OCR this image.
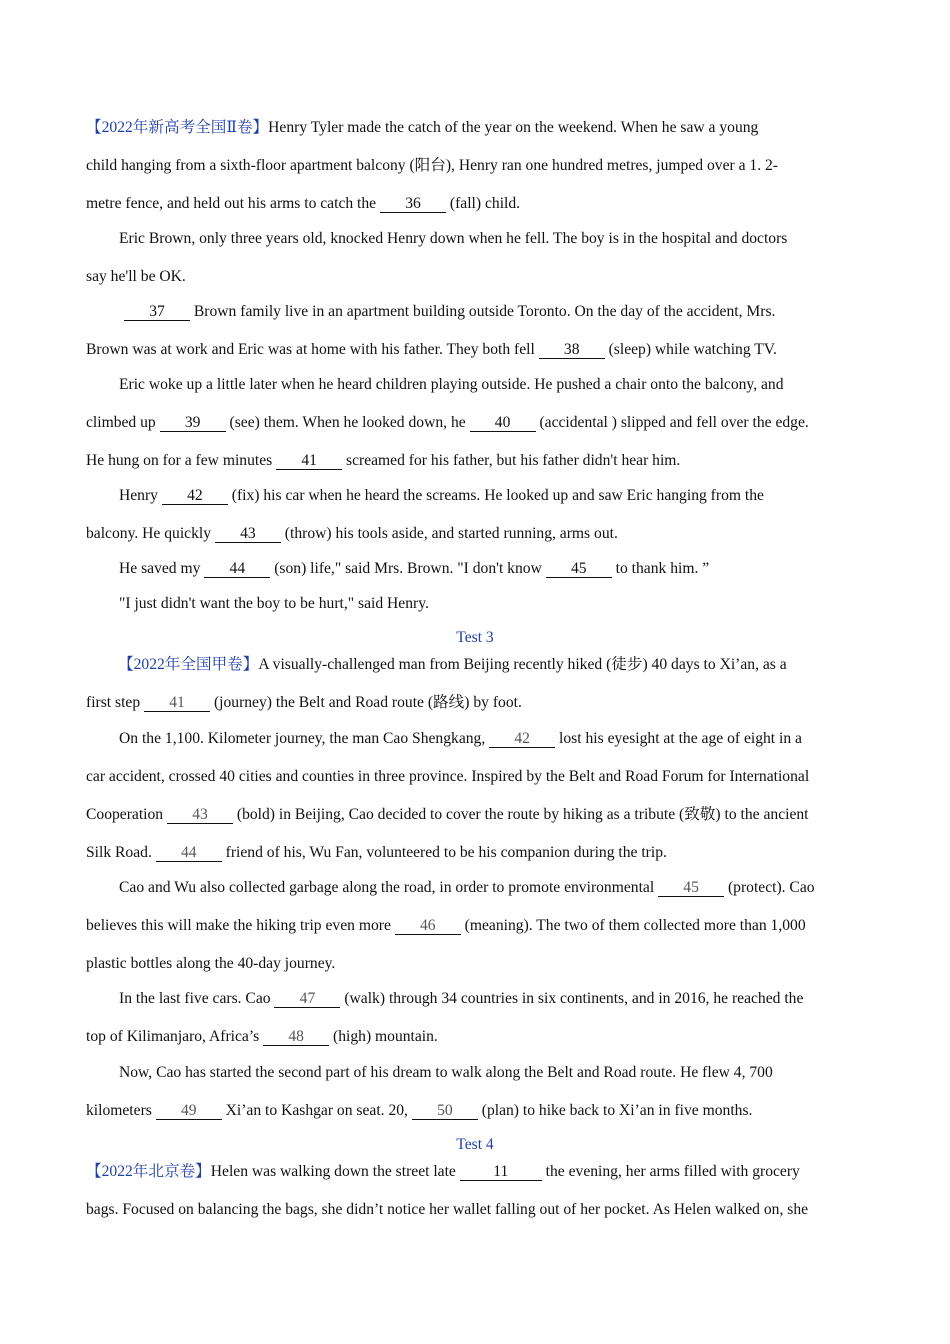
【2022年新高考全国Ⅱ卷】Henry Tyler made the catch of the year on the weekend. When he saw a young
child hanging from a sixth-floor apartment balcony (阳台), Henry ran one hundred metres, jumped over a 1. 2-
metre fence, and held out his arms to catch the 36 (fall) child.
Eric Brown, only three years old, knocked Henry down when he fell. The boy is in the hospital and doctors
say he'll be OK.
37 Brown family live in an apartment building outside Toronto. On the day of the accident, Mrs.
Brown was at work and Eric was at home with his father. They both fell 38 (sleep) while watching TV.
Eric woke up a little later when he heard children playing outside. He pushed a chair onto the balcony, and
climbed up 39 (see) them. When he looked down, he 40 (accidental ) slipped and fell over the edge.
He hung on for a few minutes 41 screamed for his father, but his father didn't hear him.
Henry 42 (fix) his car when he heard the screams. He looked up and saw Eric hanging from the
balcony. He quickly 43 (throw) his tools aside, and started running, arms out.
He saved my 44 (son) life," said Mrs. Brown. "I don't know 45 to thank him. ”
"I just didn't want the boy to be hurt," said Henry.
Test 3
【2022年全国甲卷】A visually-challenged man from Beijing recently hiked (徒步) 40 days to Xi’an, as a
first step 41 (journey) the Belt and Road route (路线) by foot.
On the 1,100. Kilometer journey, the man Cao Shengkang, 42 lost his eyesight at the age of eight in a
car accident, crossed 40 cities and counties in three province. Inspired by the Belt and Road Forum for International
Cooperation 43 (bold) in Beijing, Cao decided to cover the route by hiking as a tribute (致敬) to the ancient
Silk Road. 44 friend of his, Wu Fan, volunteered to be his companion during the trip.
Cao and Wu also collected garbage along the road, in order to promote environmental 45 (protect). Cao
believes this will make the hiking trip even more 46 (meaning). The two of them collected more than 1,000
plastic bottles along the 40-day journey.
In the last five cars. Cao 47 (walk) through 34 countries in six continents, and in 2016, he reached the
top of Kilimanjaro, Africa’s 48 (high) mountain.
Now, Cao has started the second part of his dream to walk along the Belt and Road route. He flew 4, 700
kilometers 49 Xi’an to Kashgar on seat. 20, 50 (plan) to hike back to Xi’an in five months.
Test 4
【2022年北京卷】Helen was walking down the street late 11 the evening, her arms filled with grocery
bags. Focused on balancing the bags, she didn’t notice her wallet falling out of her pocket. As Helen walked on, she
